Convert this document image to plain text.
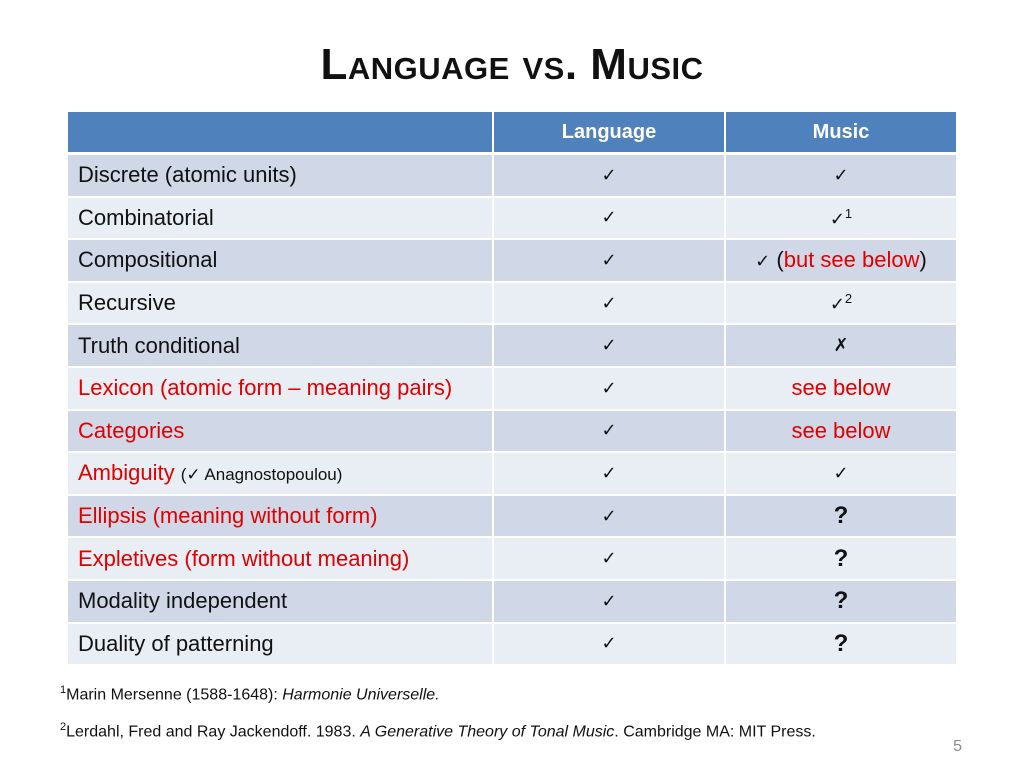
Language vs. Music
	Language	Music
Discrete (atomic units)	✓	✓
Combinatorial	✓	✓$^1$
Compositional	✓	✓ (but see below)
Recursive	✓	✓$^2$
Truth conditional	✓	✗
Lexicon (atomic form – meaning pairs)	✓	see below
Categories	✓	see below
Ambiguity (✓ Anagnostopoulou)	✓	✓
Ellipsis (meaning without form)	✓	?
Expletives (form without meaning)	✓	?
Modality independent	✓	?
Duality of patterning	✓	?
$^1$Marin Mersenne (1588-1648): Harmonie Universelle.
$^2$Lerdahl, Fred and Ray Jackendoff. 1983. A Generative Theory of Tonal Music. Cambridge MA: MIT Press.
5
